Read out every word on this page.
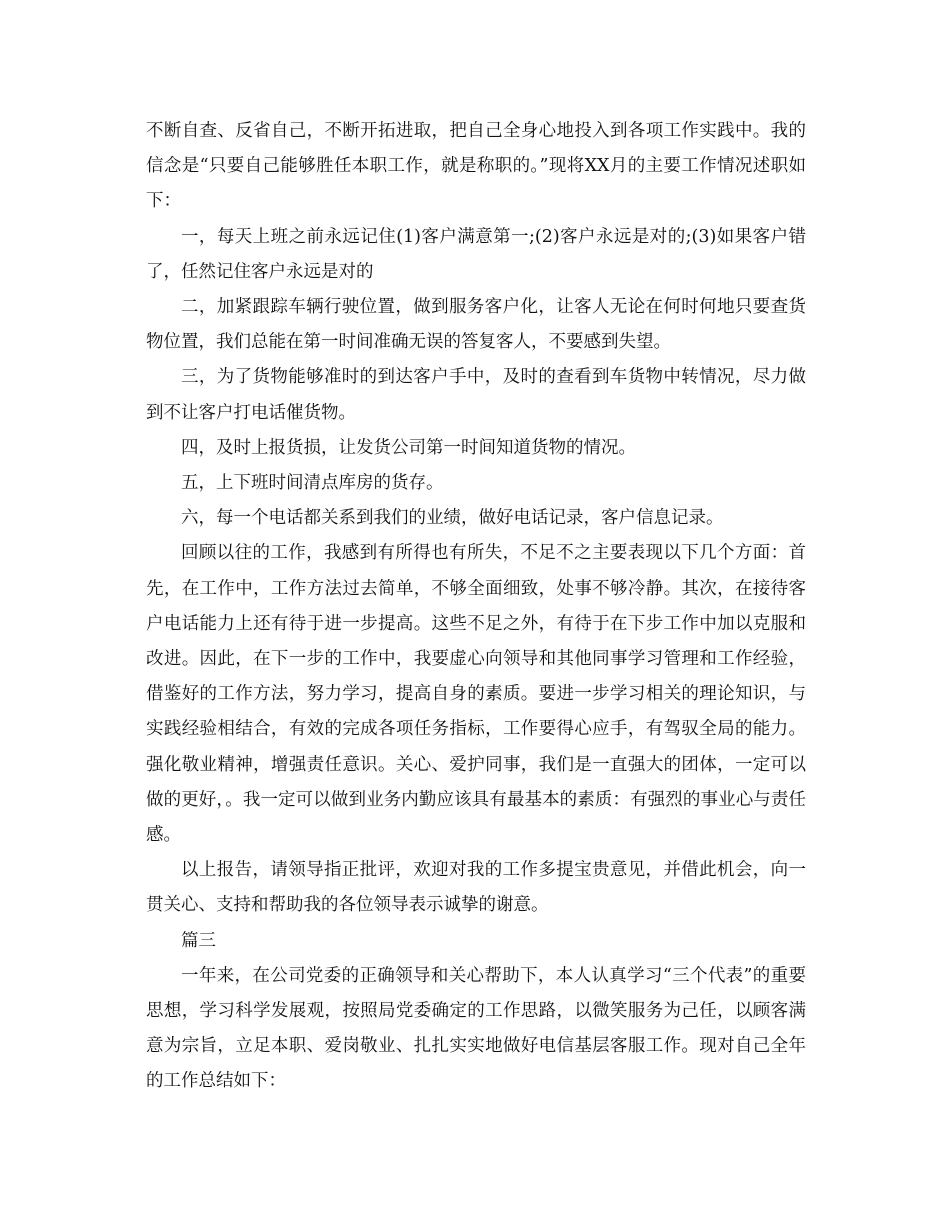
不断自查、反省自己，不断开拓进取，把自己全身心地投入到各项工作实践中。我的信念是“只要自己能够胜任本职工作，就是称职的。”现将XX月的主要工作情况述职如下：

一，每天上班之前永远记住(1)客户满意第一;(2)客户永远是对的;(3)如果客户错了，任然记住客户永远是对的

二，加紧跟踪车辆行驶位置，做到服务客户化，让客人无论在何时何地只要查货物位置，我们总能在第一时间准确无误的答复客人，不要感到失望。

三，为了货物能够准时的到达客户手中，及时的查看到车货物中转情况，尽力做到不让客户打电话催货物。

四，及时上报货损，让发货公司第一时间知道货物的情况。

五，上下班时间清点库房的货存。

六，每一个电话都关系到我们的业绩，做好电话记录，客户信息记录。

回顾以往的工作，我感到有所得也有所失，不足不之主要表现以下几个方面：首先，在工作中，工作方法过去简单，不够全面细致，处事不够冷静。其次，在接待客户电话能力上还有待于进一步提高。这些不足之外，有待于在下步工作中加以克服和改进。因此，在下一步的工作中，我要虚心向领导和其他同事学习管理和工作经验，借鉴好的工作方法，努力学习，提高自身的素质。要进一步学习相关的理论知识，与实践经验相结合，有效的完成各项任务指标，工作要得心应手，有驾驭全局的能力。强化敬业精神，增强责任意识。关心、爱护同事，我们是一直强大的团体，一定可以做的更好，。我一定可以做到业务内勤应该具有最基本的素质：有强烈的事业心与责任感。

以上报告，请领导指正批评，欢迎对我的工作多提宝贵意见，并借此机会，向一贯关心、支持和帮助我的各位领导表示诚挚的谢意。

篇三

一年来，在公司党委的正确领导和关心帮助下，本人认真学习“三个代表”的重要思想，学习科学发展观，按照局党委确定的工作思路，以微笑服务为己任，以顾客满意为宗旨，立足本职、爱岗敬业、扎扎实实地做好电信基层客服工作。现对自己全年的工作总结如下：
